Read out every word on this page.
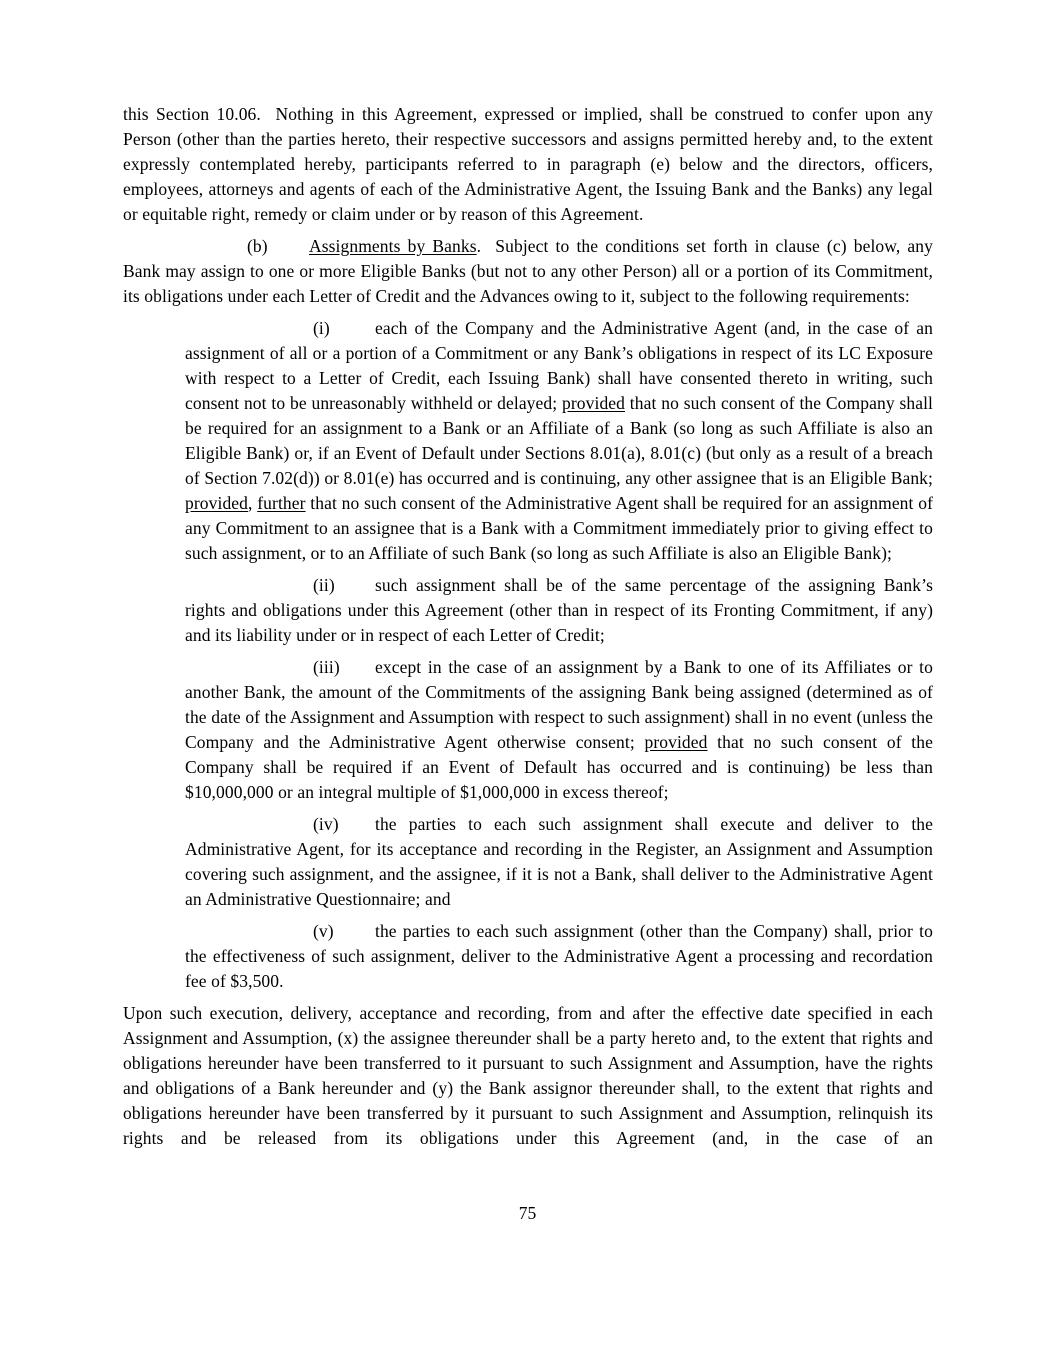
this Section 10.06.  Nothing in this Agreement, expressed or implied, shall be construed to confer upon any Person (other than the parties hereto, their respective successors and assigns permitted hereby and, to the extent expressly contemplated hereby, participants referred to in paragraph (e) below and the directors, officers, employees, attorneys and agents of each of the Administrative Agent, the Issuing Bank and the Banks) any legal or equitable right, remedy or claim under or by reason of this Agreement.

(b) Assignments by Banks.  Subject to the conditions set forth in clause (c) below, any Bank may assign to one or more Eligible Banks (but not to any other Person) all or a portion of its Commitment, its obligations under each Letter of Credit and the Advances owing to it, subject to the following requirements:

(i)	each of the Company and the Administrative Agent (and, in the case of an assignment of all or a portion of a Commitment or any Bank’s obligations in respect of its LC Exposure with respect to a Letter of Credit, each Issuing Bank) shall have consented thereto in writing, such consent not to be unreasonably withheld or delayed; provided that no such consent of the Company shall be required for an assignment to a Bank or an Affiliate of a Bank (so long as such Affiliate is also an Eligible Bank) or, if an Event of Default under Sections 8.01(a), 8.01(c) (but only as a result of a breach of Section 7.02(d)) or 8.01(e) has occurred and is continuing, any other assignee that is an Eligible Bank; provided, further that no such consent of the Administrative Agent shall be required for an assignment of any Commitment to an assignee that is a Bank with a Commitment immediately prior to giving effect to such assignment, or to an Affiliate of such Bank (so long as such Affiliate is also an Eligible Bank);

(ii) such assignment shall be of the same percentage of the assigning Bank’s rights and obligations under this Agreement (other than in respect of its Fronting Commitment, if any) and its liability under or in respect of each Letter of Credit;

(iii) except in the case of an assignment by a Bank to one of its Affiliates or to another Bank, the amount of the Commitments of the assigning Bank being assigned (determined as of the date of the Assignment and Assumption with respect to such assignment) shall in no event (unless the Company and the Administrative Agent otherwise consent; provided that no such consent of the Company shall be required if an Event of Default has occurred and is continuing) be less than $10,000,000 or an integral multiple of $1,000,000 in excess thereof;

(iv) the parties to each such assignment shall execute and deliver to the Administrative Agent, for its acceptance and recording in the Register, an Assignment and Assumption covering such assignment, and the assignee, if it is not a Bank, shall deliver to the Administrative Agent an Administrative Questionnaire; and

(v) the parties to each such assignment (other than the Company) shall, prior to the effectiveness of such assignment, deliver to the Administrative Agent a processing and recordation fee of $3,500.

Upon such execution, delivery, acceptance and recording, from and after the effective date specified in each Assignment and Assumption, (x) the assignee thereunder shall be a party hereto and, to the extent that rights and obligations hereunder have been transferred to it pursuant to such Assignment and Assumption, have the rights and obligations of a Bank hereunder and (y) the Bank assignor thereunder shall, to the extent that rights and obligations hereunder have been transferred by it pursuant to such Assignment and Assumption, relinquish its rights and be released from its obligations under this Agreement (and, in the case of an

75
